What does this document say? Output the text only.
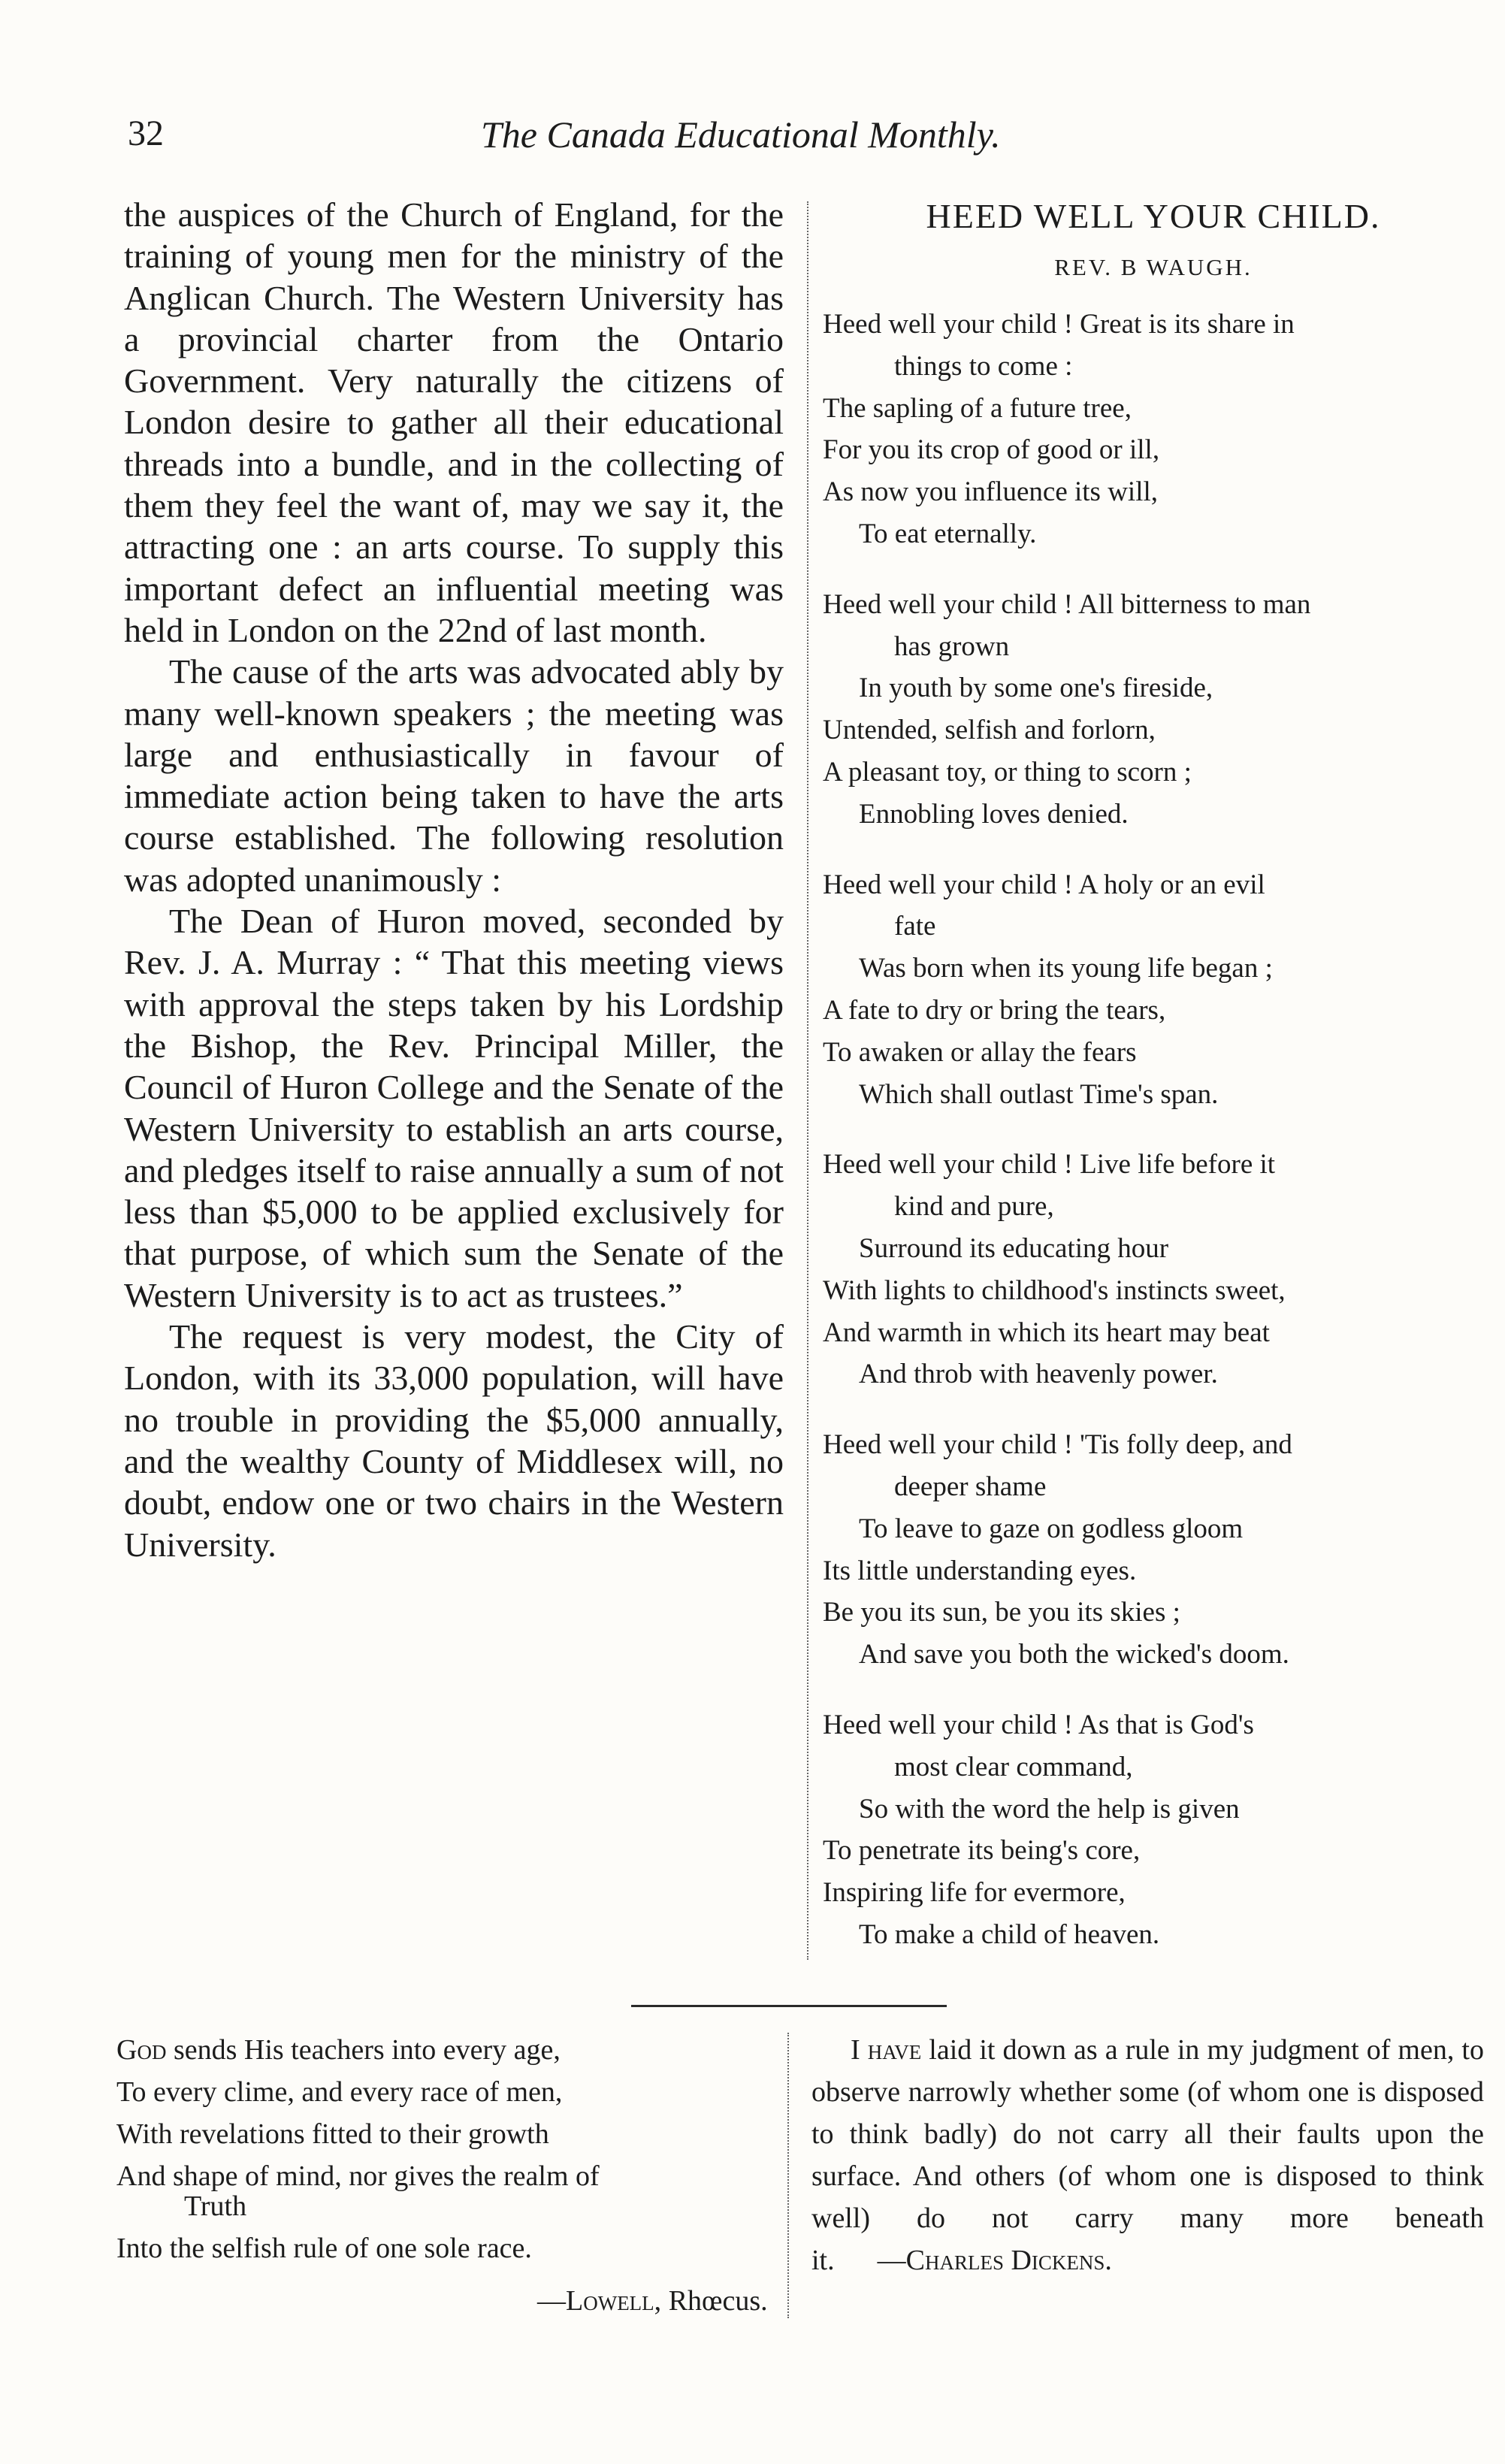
32	The Canada Educational Monthly.

the auspices of the Church of England, for the training of young men for the ministry of the Anglican Church. The Western University has a provincial charter from the Ontario Government. Very naturally the citizens of London desire to gather all their educational threads into a bundle, and in the collecting of them they feel the want of, may we say it, the attracting one : an arts course. To supply this important defect an influential meeting was held in London on the 22nd of last month.

The cause of the arts was advocated ably by many well-known speakers ; the meeting was large and enthusiastically in favour of immediate action being taken to have the arts course established. The following resolution was adopted unanimously :

The Dean of Huron moved, seconded by Rev. J. A. Murray : “ That this meeting views with approval the steps taken by his Lordship the Bishop, the Rev. Principal Miller, the Council of Huron College and the Senate of the Western University to establish an arts course, and pledges itself to raise annually a sum of not less than $5,000 to be applied exclusively for that purpose, of which sum the Senate of the Western University is to act as trustees.”

The request is very modest, the City of London, with its 33,000 population, will have no trouble in providing the $5,000 annually, and the wealthy County of Middlesex will, no doubt, endow one or two chairs in the Western University.

HEED WELL YOUR CHILD.
REV. B WAUGH.
Heed well your child ! Great is its share in
things to come :
The sapling of a future tree,
For you its crop of good or ill,
As now you influence its will,
To eat eternally.
Heed well your child ! All bitterness to man
has grown
In youth by some one's fireside,
Untended, selfish and forlorn,
A pleasant toy, or thing to scorn ;
Ennobling loves denied.
Heed well your child ! A holy or an evil
fate
Was born when its young life began ;
A fate to dry or bring the tears,
To awaken or allay the fears
Which shall outlast Time's span.
Heed well your child ! Live life before it
kind and pure,
Surround its educating hour
With lights to childhood's instincts sweet,
And warmth in which its heart may beat
And throb with heavenly power.
Heed well your child ! 'Tis folly deep, and
deeper shame
To leave to gaze on godless gloom
Its little understanding eyes.
Be you its sun, be you its skies ;
And save you both the wicked's doom.
Heed well your child ! As that is God's
most clear command,
So with the word the help is given
To penetrate its being's core,
Inspiring life for evermore,
To make a child of heaven.
God sends His teachers into every age,
To every clime, and every race of men,
With revelations fitted to their growth
And shape of mind, nor gives the realm of
Truth
Into the selfish rule of one sole race.
—Lowell, Rhœcus.

I have laid it down as a rule in my judgment of men, to observe narrowly whether some (of whom one is disposed to think badly) do not carry all their faults upon the surface. And others (of whom one is disposed to think well) do not carry many more beneath it. —Charles Dickens.
